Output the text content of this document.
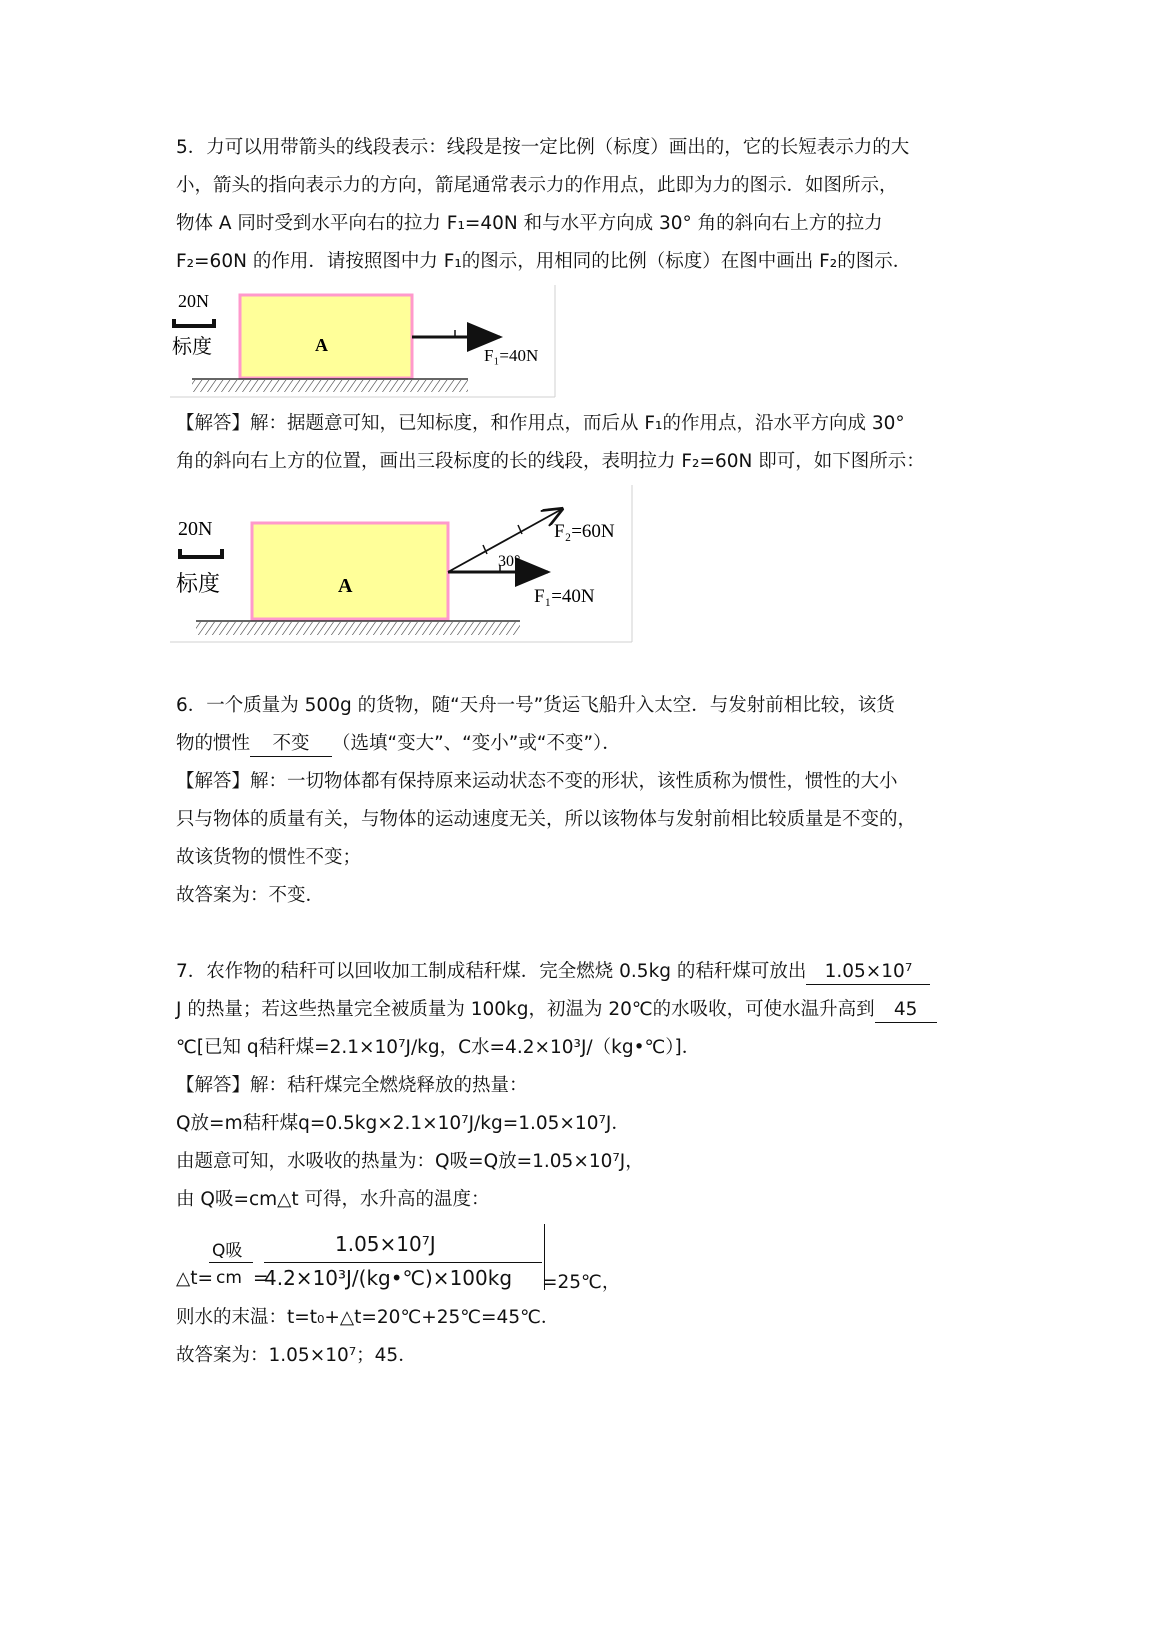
5．力可以用带箭头的线段表示：线段是按一定比例（标度）画出的，它的长短表示力的大
小，箭头的指向表示力的方向，箭尾通常表示力的作用点，此即为力的图示．如图所示，
物体 A 同时受到水平向右的拉力 F₁=40N 和与水平方向成 30° 角的斜向右上方的拉力
F₂=60N 的作用．请按照图中力 F₁的图示，用相同的比例（标度）在图中画出 F₂的图示．
20N
标度	A
F₁=40N
【解答】解：据题意可知，已知标度，和作用点，而后从 F₁的作用点，沿水平方向成 30°
角的斜向右上方的位置，画出三段标度的长的线段，表明拉力 F₂=60N 即可，如下图所示：
20N
标度	A
30°
F₂=60N
F₁=40N
6．一个质量为 500g 的货物，随“天舟一号”货运飞船升入太空．与发射前相比较，该货
物的惯性 不变 （选填“变大”、“变小”或“不变”）．
【解答】解：一切物体都有保持原来运动状态不变的形状，该性质称为惯性，惯性的大小
只与物体的质量有关，与物体的运动速度无关，所以该物体与发射前相比较质量是不变的，
故该货物的惯性不变；
故答案为：不变．
7．农作物的秸秆可以回收加工制成秸秆煤．完全燃烧 0.5kg 的秸秆煤可放出 1.05×10⁷
J 的热量；若这些热量完全被质量为 100kg，初温为 20℃的水吸收，可使水温升高到 45
℃[已知 q秸秆煤=2.1×10⁷J/kg，C水=4.2×10³J/（kg•℃）]．
【解答】解：秸秆煤完全燃烧释放的热量：
Q放=m秸秆煤q=0.5kg×2.1×10⁷J/kg=1.05×10⁷J．
由题意可知，水吸收的热量为：Q吸=Q放=1.05×10⁷J，
由 Q吸=cm△t 可得，水升高的温度：
△t=
Q吸
cm =
1.05×10⁷J
4.2×10³J/(kg•℃)×100kg =25℃，
则水的末温：t=t₀+△t=20℃+25℃=45℃．
故答案为：1.05×10⁷；45．
